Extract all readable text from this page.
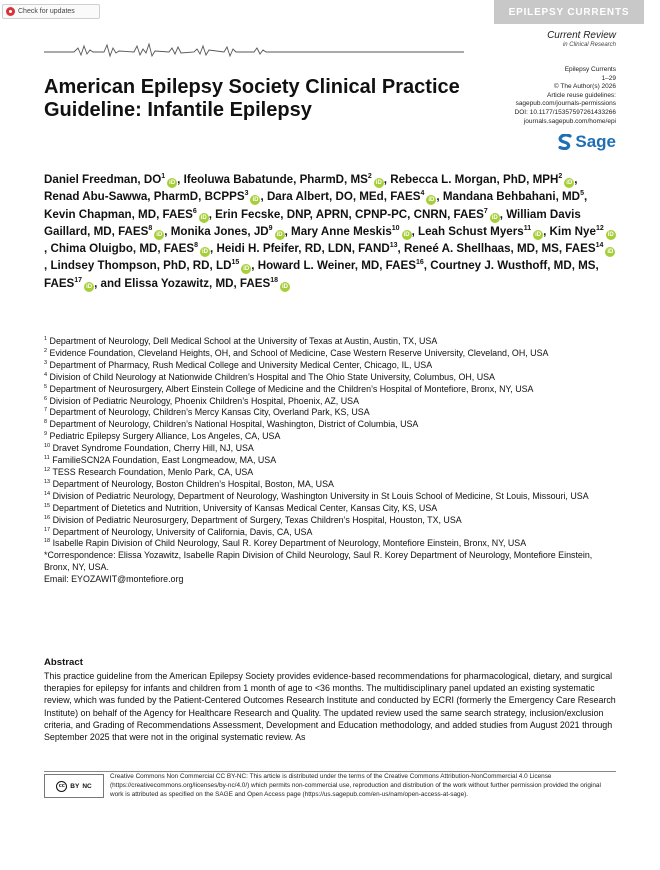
Check for updates	EPILEPSY CURRENTS
Current Review
in Clinical Research
American Epilepsy Society Clinical Practice Guideline: Infantile Epilepsy
Epilepsy Currents
1–29
© The Author(s) 2026
Article reuse guidelines:
sagepub.com/journals-permissions
DOI: 10.1177/15357597261433266
journals.sagepub.com/home/epi
Sage
Daniel Freedman, $DO^1iD$ , Ifeoluwa Babatunde, PharmD, $MS^2iD$ , Rebecca L. Morgan, PhD, MPH$^2$iD , Renad Abu-Sawwa, PharmD, BCPPS$^3$iD , Dara Albert, DO, MEd, FAES$^4$iD , Mandana Behbahani, $MD^5$, Kevin Chapman, MD, FAES$^6$iD , Erin Fecske, DNP, APRN, CPNP-PC, CNRN, FAES$^7$iD , William Davis Gaillard, MD, FAES$^8$iD , Monika Jones, $JD^9iD$ , Mary Anne Meskis$^{10}$iD , Leah Schust Myers$^{11}$iD , Kim Nye$^{12}$iD, Chima Oluigbo, MD, FAES$^8$iD , Heidi H. Pfeifer, RD, LDN, FAND$^{13}$, Reneé A. Shellhaas, MD, MS, FAES$^{14}$iD, Lindsey Thompson, PhD, RD, LD$^{15}$iD , Howard L. Weiner, MD, FAES$^{16}$, Courtney J. Wusthoff, MD, MS, FAES$^{17}$iD , and Elissa Yozawitz, MD, FAES$^{18}$iD

$^1$ Department of Neurology, Dell Medical School at the University of Texas at Austin, Austin, TX, USA

$^2$ Evidence Foundation, Cleveland Heights, OH, and School of Medicine, Case Western Reserve University, Cleveland, OH, USA

$^3$ Department of Pharmacy, Rush Medical College and University Medical Center, Chicago, IL, USA

$^4$ Division of Child Neurology at Nationwide Children’s Hospital and The Ohio State University, Columbus, OH, USA

$^5$ Department of Neurosurgery, Albert Einstein College of Medicine and the Children’s Hospital of Montefiore, Bronx, NY, USA

$^6$ Division of Pediatric Neurology, Phoenix Children’s Hospital, Phoenix, AZ, USA

$^7$ Department of Neurology, Children’s Mercy Kansas City, Overland Park, KS, USA

$^8$ Department of Neurology, Children’s National Hospital, Washington, District of Columbia, USA

$^9$ Pediatric Epilepsy Surgery Alliance, Los Angeles, CA, USA

$^{10}$ Dravet Syndrome Foundation, Cherry Hill, NJ, USA

$^{11}$ FamilieSCN2A Foundation, East Longmeadow, MA, USA

$^{12}$ TESS Research Foundation, Menlo Park, CA, USA

$^{13}$ Department of Neurology, Boston Children’s Hospital, Boston, MA, USA

$^{14}$ Division of Pediatric Neurology, Department of Neurology, Washington University in St Louis School of Medicine, St Louis, Missouri, USA

$^{15}$ Department of Dietetics and Nutrition, University of Kansas Medical Center, Kansas City, KS, USA

$^{16}$ Division of Pediatric Neurosurgery, Department of Surgery, Texas Children’s Hospital, Houston, TX, USA

$^{17}$ Department of Neurology, University of California, Davis, CA, USA

$^{18}$ Isabelle Rapin Division of Child Neurology, Saul R. Korey Department of Neurology, Montefiore Einstein, Bronx, NY, USA

*Correspondence: Elissa Yozawitz, Isabelle Rapin Division of Child Neurology, Saul R. Korey Department of Neurology, Montefiore Einstein, Bronx, NY, USA.

Email: EYOZAWIT@montefiore.org

Abstract

This practice guideline from the American Epilepsy Society provides evidence-based recommendations for pharmacological, dietary, and surgical therapies for epilepsy for infants and children from 1 month of age to <36 months. The multidisciplinary panel updated an existing systematic review, which was funded by the Patient-Centered Outcomes Research Institute and conducted by ECRI (formerly the Emergency Care Research Institute) on behalf of the Agency for Healthcare Research and Quality. The updated review used the same search strategy, inclusion/exclusion criteria, and Grading of Recommendations Assessment, Development and Education methodology, and added studies from August 2021 through September 2025 that were not in the original systematic review. As

cc BY NC

Creative Commons Non Commercial CC BY-NC: This article is distributed under the terms of the Creative Commons Attribution-NonCommercial 4.0 License (https://creativecommons.org/licenses/by-nc/4.0/) which permits non-commercial use, reproduction and distribution of the work without further permission provided the original work is attributed as specified on the SAGE and Open Access page (https://us.sagepub.com/en-us/nam/open-access-at-sage).
